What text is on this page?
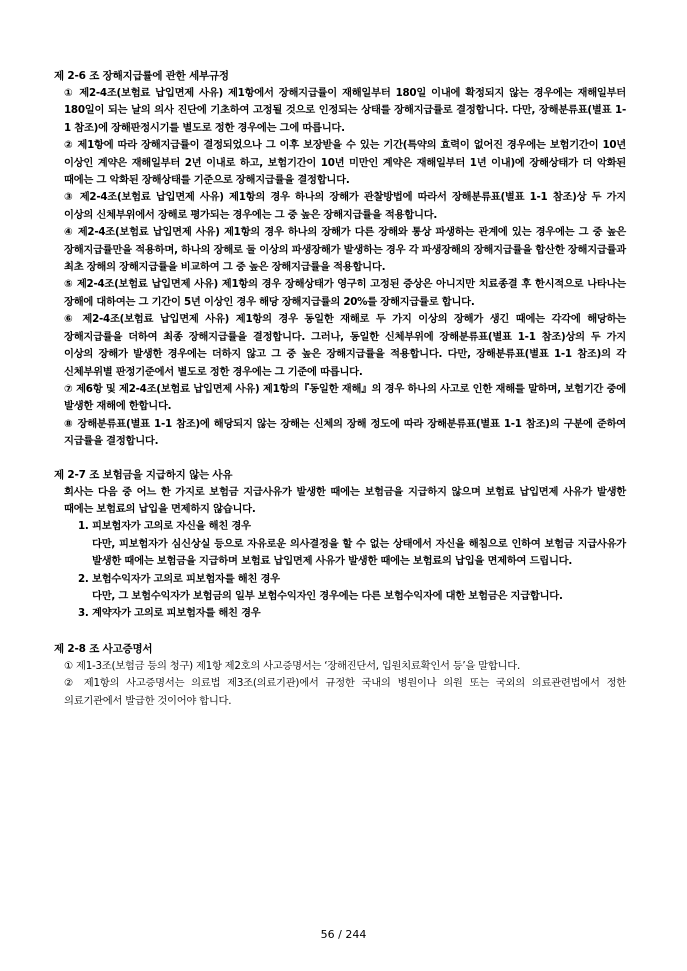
제 2-6 조 장해지급률에 관한 세부규정

① 제2-4조(보험료 납입면제 사유) 제1항에서 장해지급률이 재해일부터 180일 이내에 확정되지 않는 경우에는 재해일부터 180일이 되는 날의 의사 진단에 기초하여 고정될 것으로 인정되는 상태를 장해지급률로 결정합니다. 다만, 장해분류표(별표 1-1 참조)에 장해판정시기를 별도로 정한 경우에는 그에 따릅니다.

② 제1항에 따라 장해지급률이 결정되었으나 그 이후 보장받을 수 있는 기간(특약의 효력이 없어진 경우에는 보험기간이 10년 이상인 계약은 재해일부터 2년 이내로 하고, 보험기간이 10년 미만인 계약은 재해일부터 1년 이내)에 장해상태가 더 악화된 때에는 그 악화된 장해상태를 기준으로 장해지급률을 결정합니다.

③ 제2-4조(보험료 납입면제 사유) 제1항의 경우 하나의 장해가 관찰방법에 따라서 장해분류표(별표 1-1 참조)상 두 가지 이상의 신체부위에서 장해로 평가되는 경우에는 그 중 높은 장해지급률을 적용합니다.

④ 제2-4조(보험료 납입면제 사유) 제1항의 경우 하나의 장해가 다른 장해와 통상 파생하는 관계에 있는 경우에는 그 중 높은 장해지급률만을 적용하며, 하나의 장해로 둘 이상의 파생장해가 발생하는 경우 각 파생장해의 장해지급률을 합산한 장해지급률과 최초 장해의 장해지급률을 비교하여 그 중 높은 장해지급률을 적용합니다.

⑤ 제2-4조(보험료 납입면제 사유) 제1항의 경우 장해상태가 영구히 고정된 증상은 아니지만 치료종결 후 한시적으로 나타나는 장해에 대하여는 그 기간이 5년 이상인 경우 해당 장해지급률의 20%를 장해지급률로 합니다.

⑥ 제2-4조(보험료 납입면제 사유) 제1항의 경우 동일한 재해로 두 가지 이상의 장해가 생긴 때에는 각각에 해당하는 장해지급률을 더하여 최종 장해지급률을 결정합니다. 그러나, 동일한 신체부위에 장해분류표(별표 1-1 참조)상의 두 가지 이상의 장해가 발생한 경우에는 더하지 않고 그 중 높은 장해지급률을 적용합니다. 다만, 장해분류표(별표 1-1 참조)의 각 신체부위별 판정기준에서 별도로 정한 경우에는 그 기준에 따릅니다.

⑦ 제6항 및 제2-4조(보험료 납입면제 사유) 제1항의『동일한 재해』의 경우 하나의 사고로 인한 재해를 말하며, 보험기간 중에 발생한 재해에 한합니다.

⑧ 장해분류표(별표 1-1 참조)에 해당되지 않는 장해는 신체의 장해 정도에 따라 장해분류표(별표 1-1 참조)의 구분에 준하여 지급률을 결정합니다.

제 2-7 조 보험금을 지급하지 않는 사유

회사는 다음 중 어느 한 가지로 보험금 지급사유가 발생한 때에는 보험금을 지급하지 않으며 보험료 납입면제 사유가 발생한 때에는 보험료의 납입을 면제하지 않습니다.

1. 피보험자가 고의로 자신을 해친 경우
다만, 피보험자가 심신상실 등으로 자유로운 의사결정을 할 수 없는 상태에서 자신을 해침으로 인하여 보험금 지급사유가 발생한 때에는 보험금을 지급하며 보험료 납입면제 사유가 발생한 때에는 보험료의 납입을 면제하여 드립니다.
2. 보험수익자가 고의로 피보험자를 해친 경우
다만, 그 보험수익자가 보험금의 일부 보험수익자인 경우에는 다른 보험수익자에 대한 보험금은 지급합니다.
3. 계약자가 고의로 피보험자를 해친 경우
제 2-8 조 사고증명서

① 제1-3조(보험금 등의 청구) 제1항 제2호의 사고증명서는 ‘장해진단서, 입원치료확인서 등’을 말합니다.

② 제1항의 사고증명서는 의료법 제3조(의료기관)에서 규정한 국내의 병원이나 의원 또는 국외의 의료관련법에서 정한 의료기관에서 발급한 것이어야 합니다.

56 / 244
